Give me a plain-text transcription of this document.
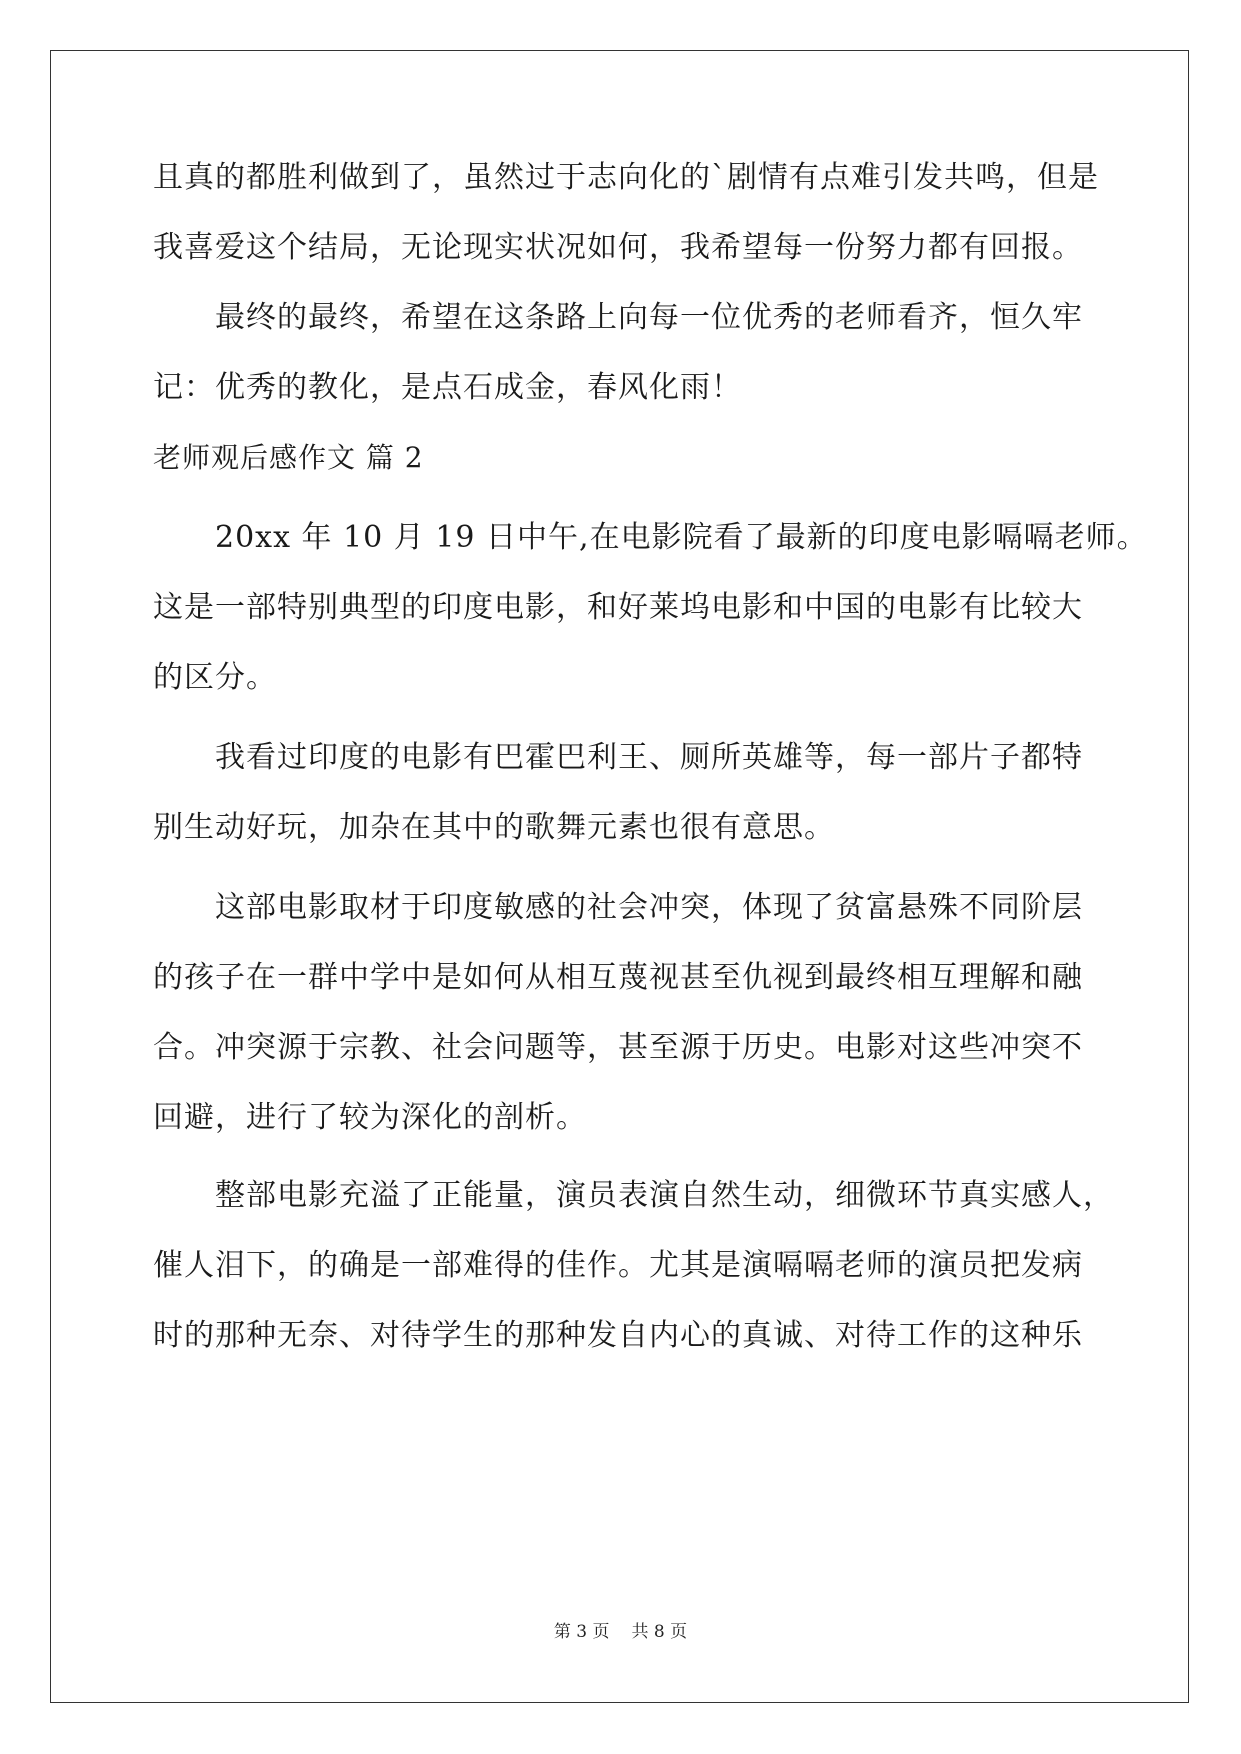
且真的都胜利做到了，虽然过于志向化的`剧情有点难引发共鸣，但是
我喜爱这个结局，无论现实状况如何，我希望每一份努力都有回报。
最终的最终，希望在这条路上向每一位优秀的老师看齐，恒久牢
记：优秀的教化，是点石成金，春风化雨！
老师观后感作文 篇 2
20xx 年 10 月 19 日中午,在电影院看了最新的印度电影嗝嗝老师。
这是一部特别典型的印度电影，和好莱坞电影和中国的电影有比较大
的区分。
我看过印度的电影有巴霍巴利王、厕所英雄等，每一部片子都特
别生动好玩，加杂在其中的歌舞元素也很有意思。
这部电影取材于印度敏感的社会冲突，体现了贫富悬殊不同阶层
的孩子在一群中学中是如何从相互蔑视甚至仇视到最终相互理解和融
合。冲突源于宗教、社会问题等，甚至源于历史。电影对这些冲突不
回避，进行了较为深化的剖析。
整部电影充溢了正能量，演员表演自然生动，细微环节真实感人，
催人泪下，的确是一部难得的佳作。尤其是演嗝嗝老师的演员把发病
时的那种无奈、对待学生的那种发自内心的真诚、对待工作的这种乐
第 3 页 共 8 页
